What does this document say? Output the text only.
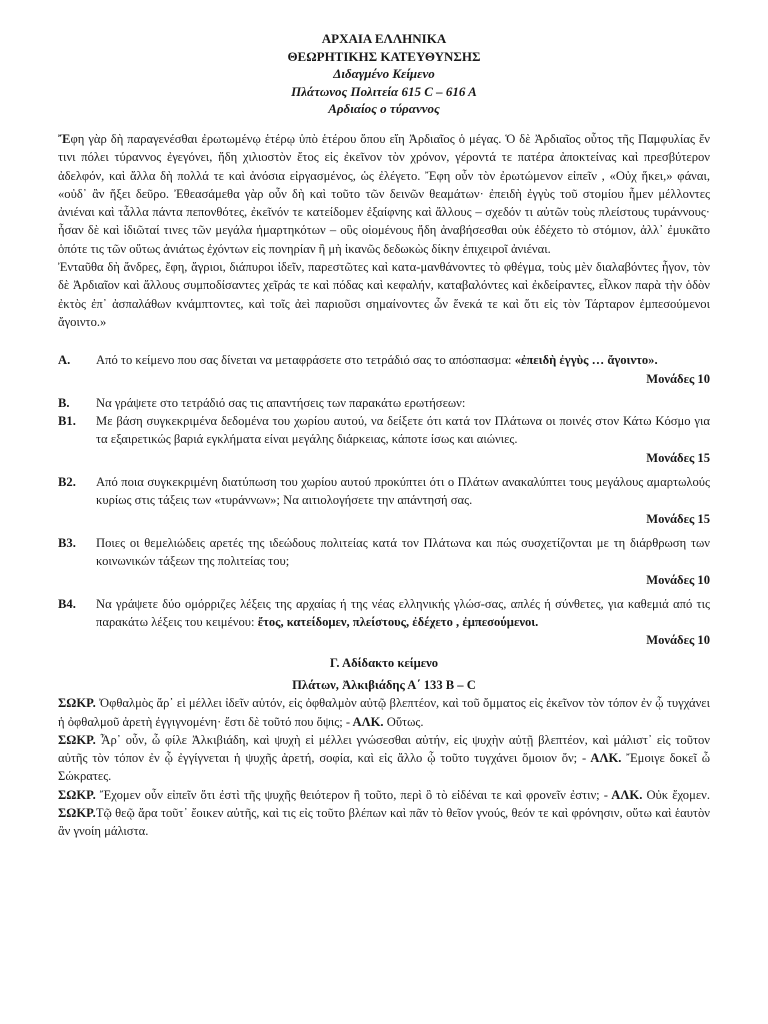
ΑΡΧΑΙΑ ΕΛΛΗΝΙΚΑ
ΘΕΩΡΗΤΙΚΗΣ ΚΑΤΕΥΘΥΝΣΗΣ
Διδαγμένο Κείμενο
Πλάτωνος Πολιτεία 615 C – 616 A
Αρδιαίος ο τύραννος

Ἔφη γὰρ δὴ παραγενέσθαι ἐρωτωμένῳ ἑτέρῳ ὑπὸ ἑτέρου ὅπου εἴη Ἀρδιαῖος ὁ μέγας. Ὁ δὲ Ἀρδιαῖος οὗτος τῆς Παμφυλίας ἔν τινι πόλει τύραννος ἐγεγόνει, ἤδη χιλιοστὸν ἔτος εἰς ἐκεῖνον τὸν χρόνον, γέροντά τε πατέρα ἀποκτείνας καὶ πρεσβύτερον ἀδελφόν, καὶ ἄλλα δὴ πολλά τε καὶ ἀνόσια εἰργασμένος, ὡς ἐλέγετο. Ἔφη οὖν τὸν ἐρωτώμενον εἰπεῖν , «Οὐχ ἥκει,» φάναι, «οὐδ᾽ ἂν ἥξει δεῦρο. Ἐθεασάμεθα γὰρ οὖν δὴ καὶ τοῦτο τῶν δεινῶν θεαμάτων· ἐπειδὴ ἐγγὺς τοῦ στομίου ἦμεν μέλλοντες ἀνιέναι καὶ τἆλλα πάντα πεπονθότες, ἐκεῖνόν τε κατείδομεν ἐξαίφνης καὶ ἄλλους – σχεδόν τι αὐτῶν τοὺς πλείστους τυράννους· ἦσαν δὲ καὶ ἰδιῶταί τινες τῶν μεγάλα ἡμαρτηκότων – οὓς οἰομένους ἤδη ἀναβήσεσθαι οὐκ ἐδέχετο τὸ στόμιον, ἀλλ᾽ ἐμυκᾶτο ὁπότε τις τῶν οὕτως ἀνιάτως ἐχόντων εἰς πονηρίαν ἢ μὴ ἱκανῶς δεδωκὼς δίκην ἐπιχειροῖ ἀνιέναι.

Ἐνταῦθα δὴ ἄνδρες, ἔφη, ἄγριοι, διάπυροι ἰδεῖν, παρεστῶτες καὶ κατα-μανθάνοντες τὸ φθέγμα, τοὺς μὲν διαλαβόντες ἦγον, τὸν δὲ Ἀρδιαῖον καὶ ἄλλους συμποδίσαντες χεῖράς τε καὶ πόδας καὶ κεφαλήν, καταβαλόντες καὶ ἐκδείραντες, εἷλκον παρὰ τὴν ὁδὸν ἐκτὸς ἐπ᾽ ἀσπαλάθων κνάμπτοντες, καὶ τοῖς ἀεὶ παριοῦσι σημαίνοντες ὧν ἕνεκά τε καὶ ὅτι εἰς τὸν Τάρταρον ἐμπεσούμενοι ἄγοιντο.»

Α.	Από το κείμενο που σας δίνεται να μεταφράσετε στο τετράδιό σας το απόσπασμα: «ἐπειδὴ ἐγγὺς … ἄγοιντο».
Μονάδες 10
Β.	Να γράψετε στο τετράδιό σας τις απαντήσεις των παρακάτω ερωτήσεων:
Β1.	Με βάση συγκεκριμένα δεδομένα του χωρίου αυτού, να δείξετε ότι κατά τον Πλάτωνα οι ποινές στον Κάτω Κόσμο για τα εξαιρετικώς βαριά εγκλήματα είναι μεγάλης διάρκειας, κάποτε ίσως και αιώνιες.
Μονάδες 15
Β2.	Από ποια συγκεκριμένη διατύπωση του χωρίου αυτού προκύπτει ότι ο Πλάτων ανακαλύπτει τους μεγάλους αμαρτωλούς κυρίως στις τάξεις των «τυράννων»; Να αιτιολογήσετε την απάντησή σας.
Μονάδες 15
Β3.	Ποιες οι θεμελιώδεις αρετές της ιδεώδους πολιτείας κατά τον Πλάτωνα και πώς συσχετίζονται με τη διάρθρωση των κοινωνικών τάξεων της πολιτείας του;
Μονάδες 10
Β4.	Να γράψετε δύο ομόρριζες λέξεις της αρχαίας ή της νέας ελληνικής γλώσ-σας, απλές ή σύνθετες, για καθεμιά από τις παρακάτω λέξεις του κειμένου: ἔτος, κατείδομεν, πλείστους, ἐδέχετο , ἐμπεσούμενοι.
Μονάδες 10
Γ. Αδίδακτο κείμενο
Πλάτων, Ἀλκιβιάδης Α΄ 133 Β – C

ΣΩΚΡ. Ὀφθαλμὸς ἄρ᾽ εἰ μέλλει ἰδεῖν αὑτόν, εἰς ὀφθαλμὸν αὐτῷ βλεπτέον, καὶ τοῦ ὄμματος εἰς ἐκεῖνον τὸν τόπον ἐν ᾧ τυγχάνει ἡ ὀφθαλμοῦ ἀρετὴ ἐγγιγνομένη· ἔστι δὲ τοῦτό που ὄψις; - ΑΛΚ. Οὕτως.

ΣΩΚΡ. Ἆρ᾽ οὖν, ὦ φίλε Ἀλκιβιάδη, καὶ ψυχὴ εἰ μέλλει γνώσεσθαι αὑτήν, εἰς ψυχὴν αὐτῇ βλεπτέον, καὶ μάλιστ᾽ εἰς τοῦτον αὐτῆς τὸν τόπον ἐν ᾧ ἐγγίγνεται ἡ ψυχῆς ἀρετή, σοφία, καὶ εἰς ἄλλο ᾧ τοῦτο τυγχάνει ὅμοιον ὄν; - ΑΛΚ. Ἔμοιγε δοκεῖ ὦ Σώκρατες.

ΣΩΚΡ. Ἔχομεν οὖν εἰπεῖν ὅτι ἐστὶ τῆς ψυχῆς θειότερον ἢ τοῦτο, περὶ ὃ τὸ εἰδέναι τε καὶ φρονεῖν ἐστιν; - ΑΛΚ. Οὐκ ἔχομεν. ΣΩΚΡ.Τῷ θεῷ ἄρα τοῦτ᾽ ἔοικεν αὐτῆς, καὶ τις εἰς τοῦτο βλέπων καὶ πᾶν τὸ θεῖον γνούς, θεόν τε καὶ φρόνησιν, οὕτω καὶ ἑαυτὸν ἂν γνοίη μάλιστα.
